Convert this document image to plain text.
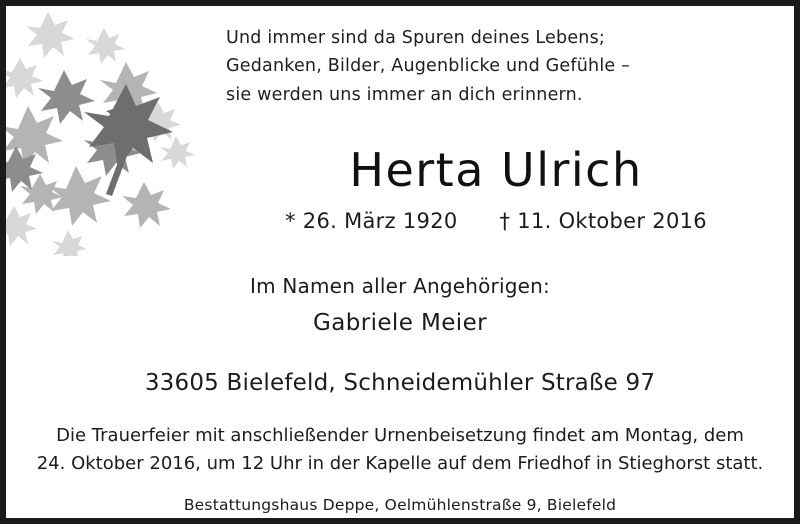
Und immer sind da Spuren deines Lebens;
Gedanken, Bilder, Augenblicke und Gefühle –
sie werden uns immer an dich erinnern.
Herta Ulrich
* 26. März 1920 † 11. Oktober 2016
Im Namen aller Angehörigen:
Gabriele Meier
33605 Bielefeld, Schneidemühler Straße 97
Die Trauerfeier mit anschließender Urnenbeisetzung findet am Montag, dem
24. Oktober 2016, um 12 Uhr in der Kapelle auf dem Friedhof in Stieghorst statt.
Bestattungshaus Deppe, Oelmühlenstraße 9, Bielefeld
